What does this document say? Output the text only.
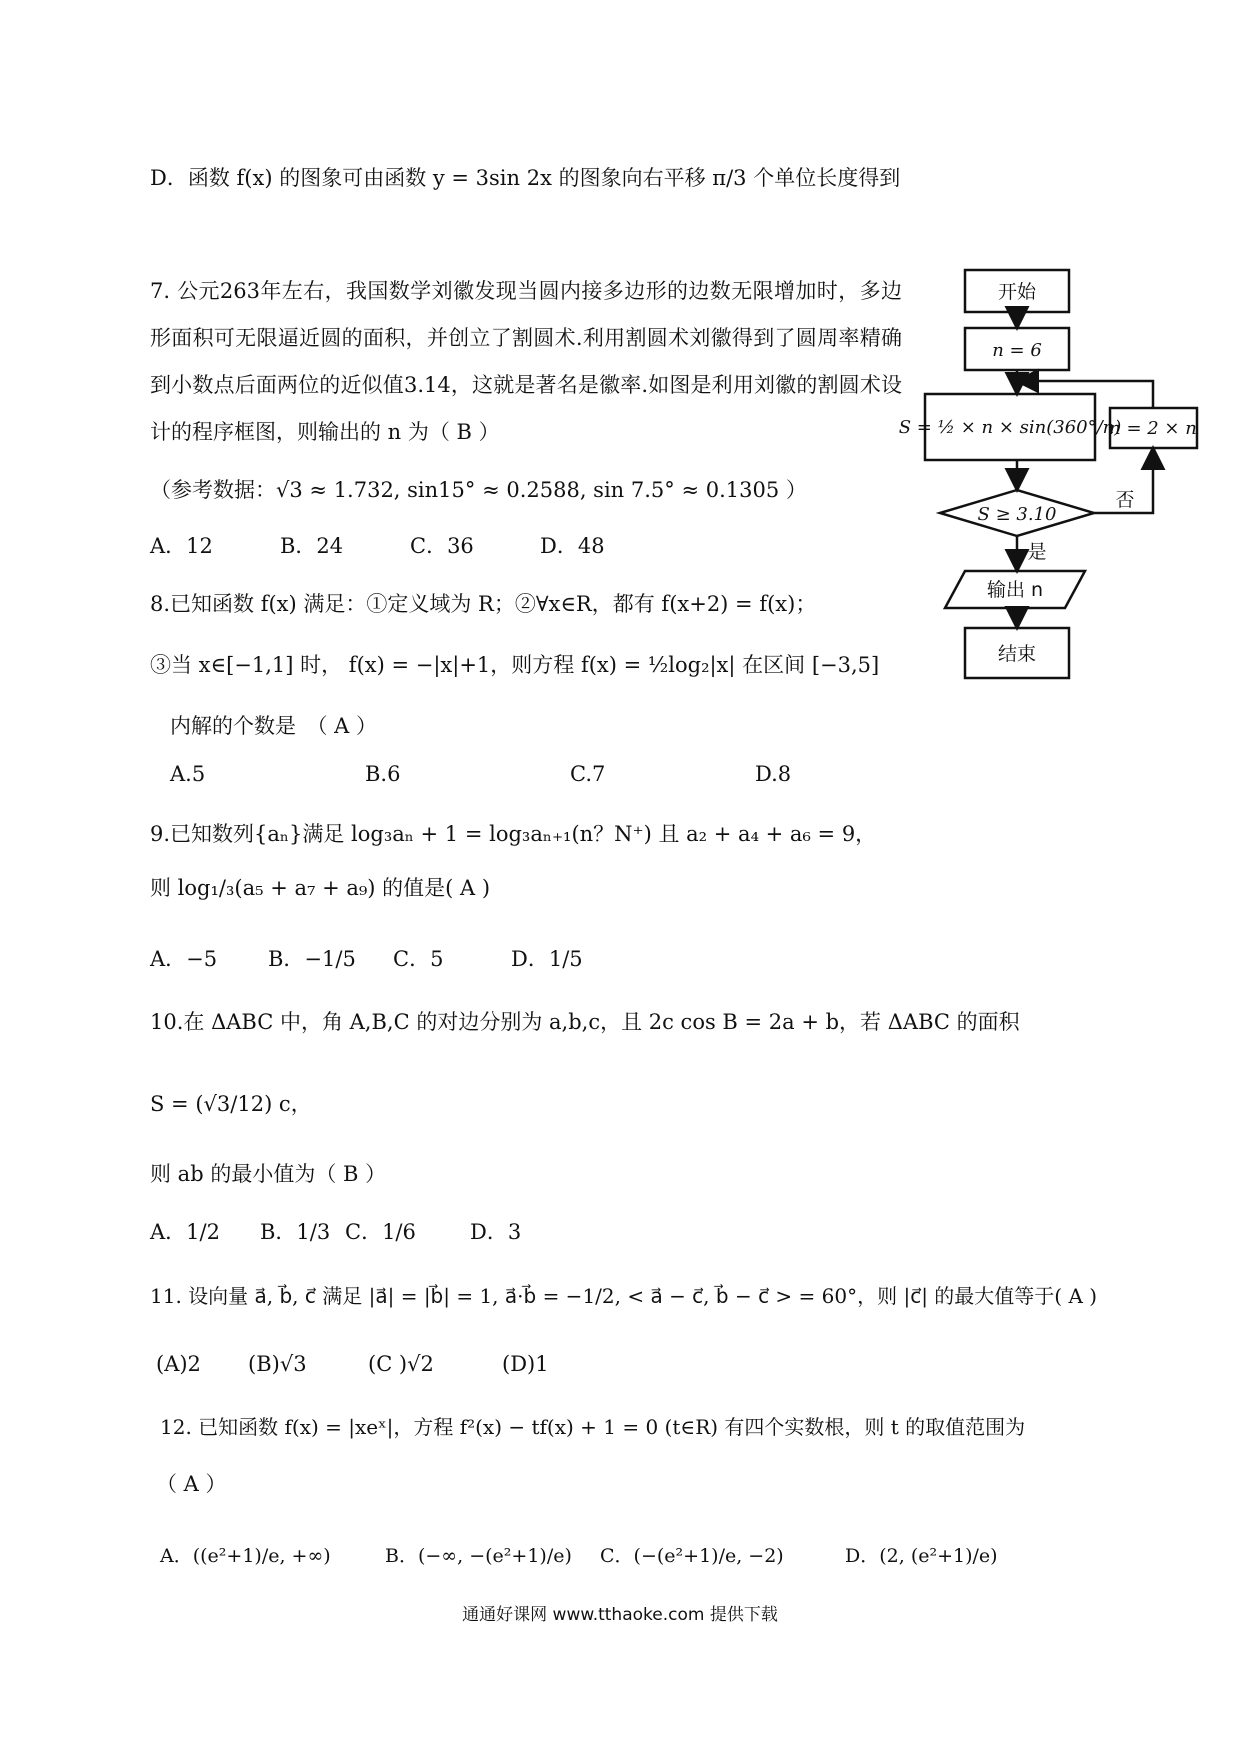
D．函数 f(x) 的图象可由函数 y = 3sin 2x 的图象向右平移 π/3 个单位长度得到
7. 公元263年左右，我国数学刘徽发现当圆内接多边形的边数无限增加时，多边形面积可无限逼近圆的面积，并创立了割圆术.利用割圆术刘徽得到了圆周率精确到小数点后面两位的近似值3.14，这就是著名是徽率.如图是利用刘徽的割圆术设计的程序框图，则输出的 n 为（ B ）
（参考数据：√3 ≈ 1.732, sin15° ≈ 0.2588, sin 7.5° ≈ 0.1305 ）
A．12	B．24	C．36	D．48
开始
n = 6
S = ½ × n × sin(360°/n)
n = 2 × n
S ≥ 3.10
否
是
输出 n
结束
8.已知函数 f(x) 满足：①定义域为 R；②∀x∈R，都有 f(x+2) = f(x)；
③当 x∈[−1,1] 时， f(x) = −|x|+1，则方程 f(x) = ½log₂|x| 在区间 [−3,5]
内解的个数是　（ A ）
A.5	B.6	C.7	D.8
9.已知数列{aₙ}满足 log₃aₙ + 1 = log₃aₙ₊₁(n？N⁺) 且 a₂ + a₄ + a₆ = 9，
则 log₁/₃(a₅ + a₇ + a₉) 的值是( A )
A．−5	B．−1/5	C．5	D．1/5
10.在 ΔABC 中，角 A,B,C 的对边分别为 a,b,c，且 2c cos B = 2a + b，若 ΔABC 的面积
S = (√3/12) c，
则 ab 的最小值为（ B ）
A．1/2	B．1/3 C．1/6	D．3
11. 设向量 a⃗, b⃗, c⃗ 满足 |a⃗| = |b⃗| = 1, a⃗·b⃗ = −1/2, < a⃗ − c⃗, b⃗ − c⃗ > = 60°，则 |c⃗| 的最大值等于( A )
(A)2	(B)√3	(C )√2	(D)1
12. 已知函数 f(x) = |xeˣ|，方程 f²(x) − tf(x) + 1 = 0 (t∈R) 有四个实数根，则 t 的取值范围为
（ A ）
A．((e²+1)/e, +∞)	B．(−∞, −(e²+1)/e)	C．(−(e²+1)/e, −2)	D．(2, (e²+1)/e)
通通好课网 www.tthaoke.com 提供下载
